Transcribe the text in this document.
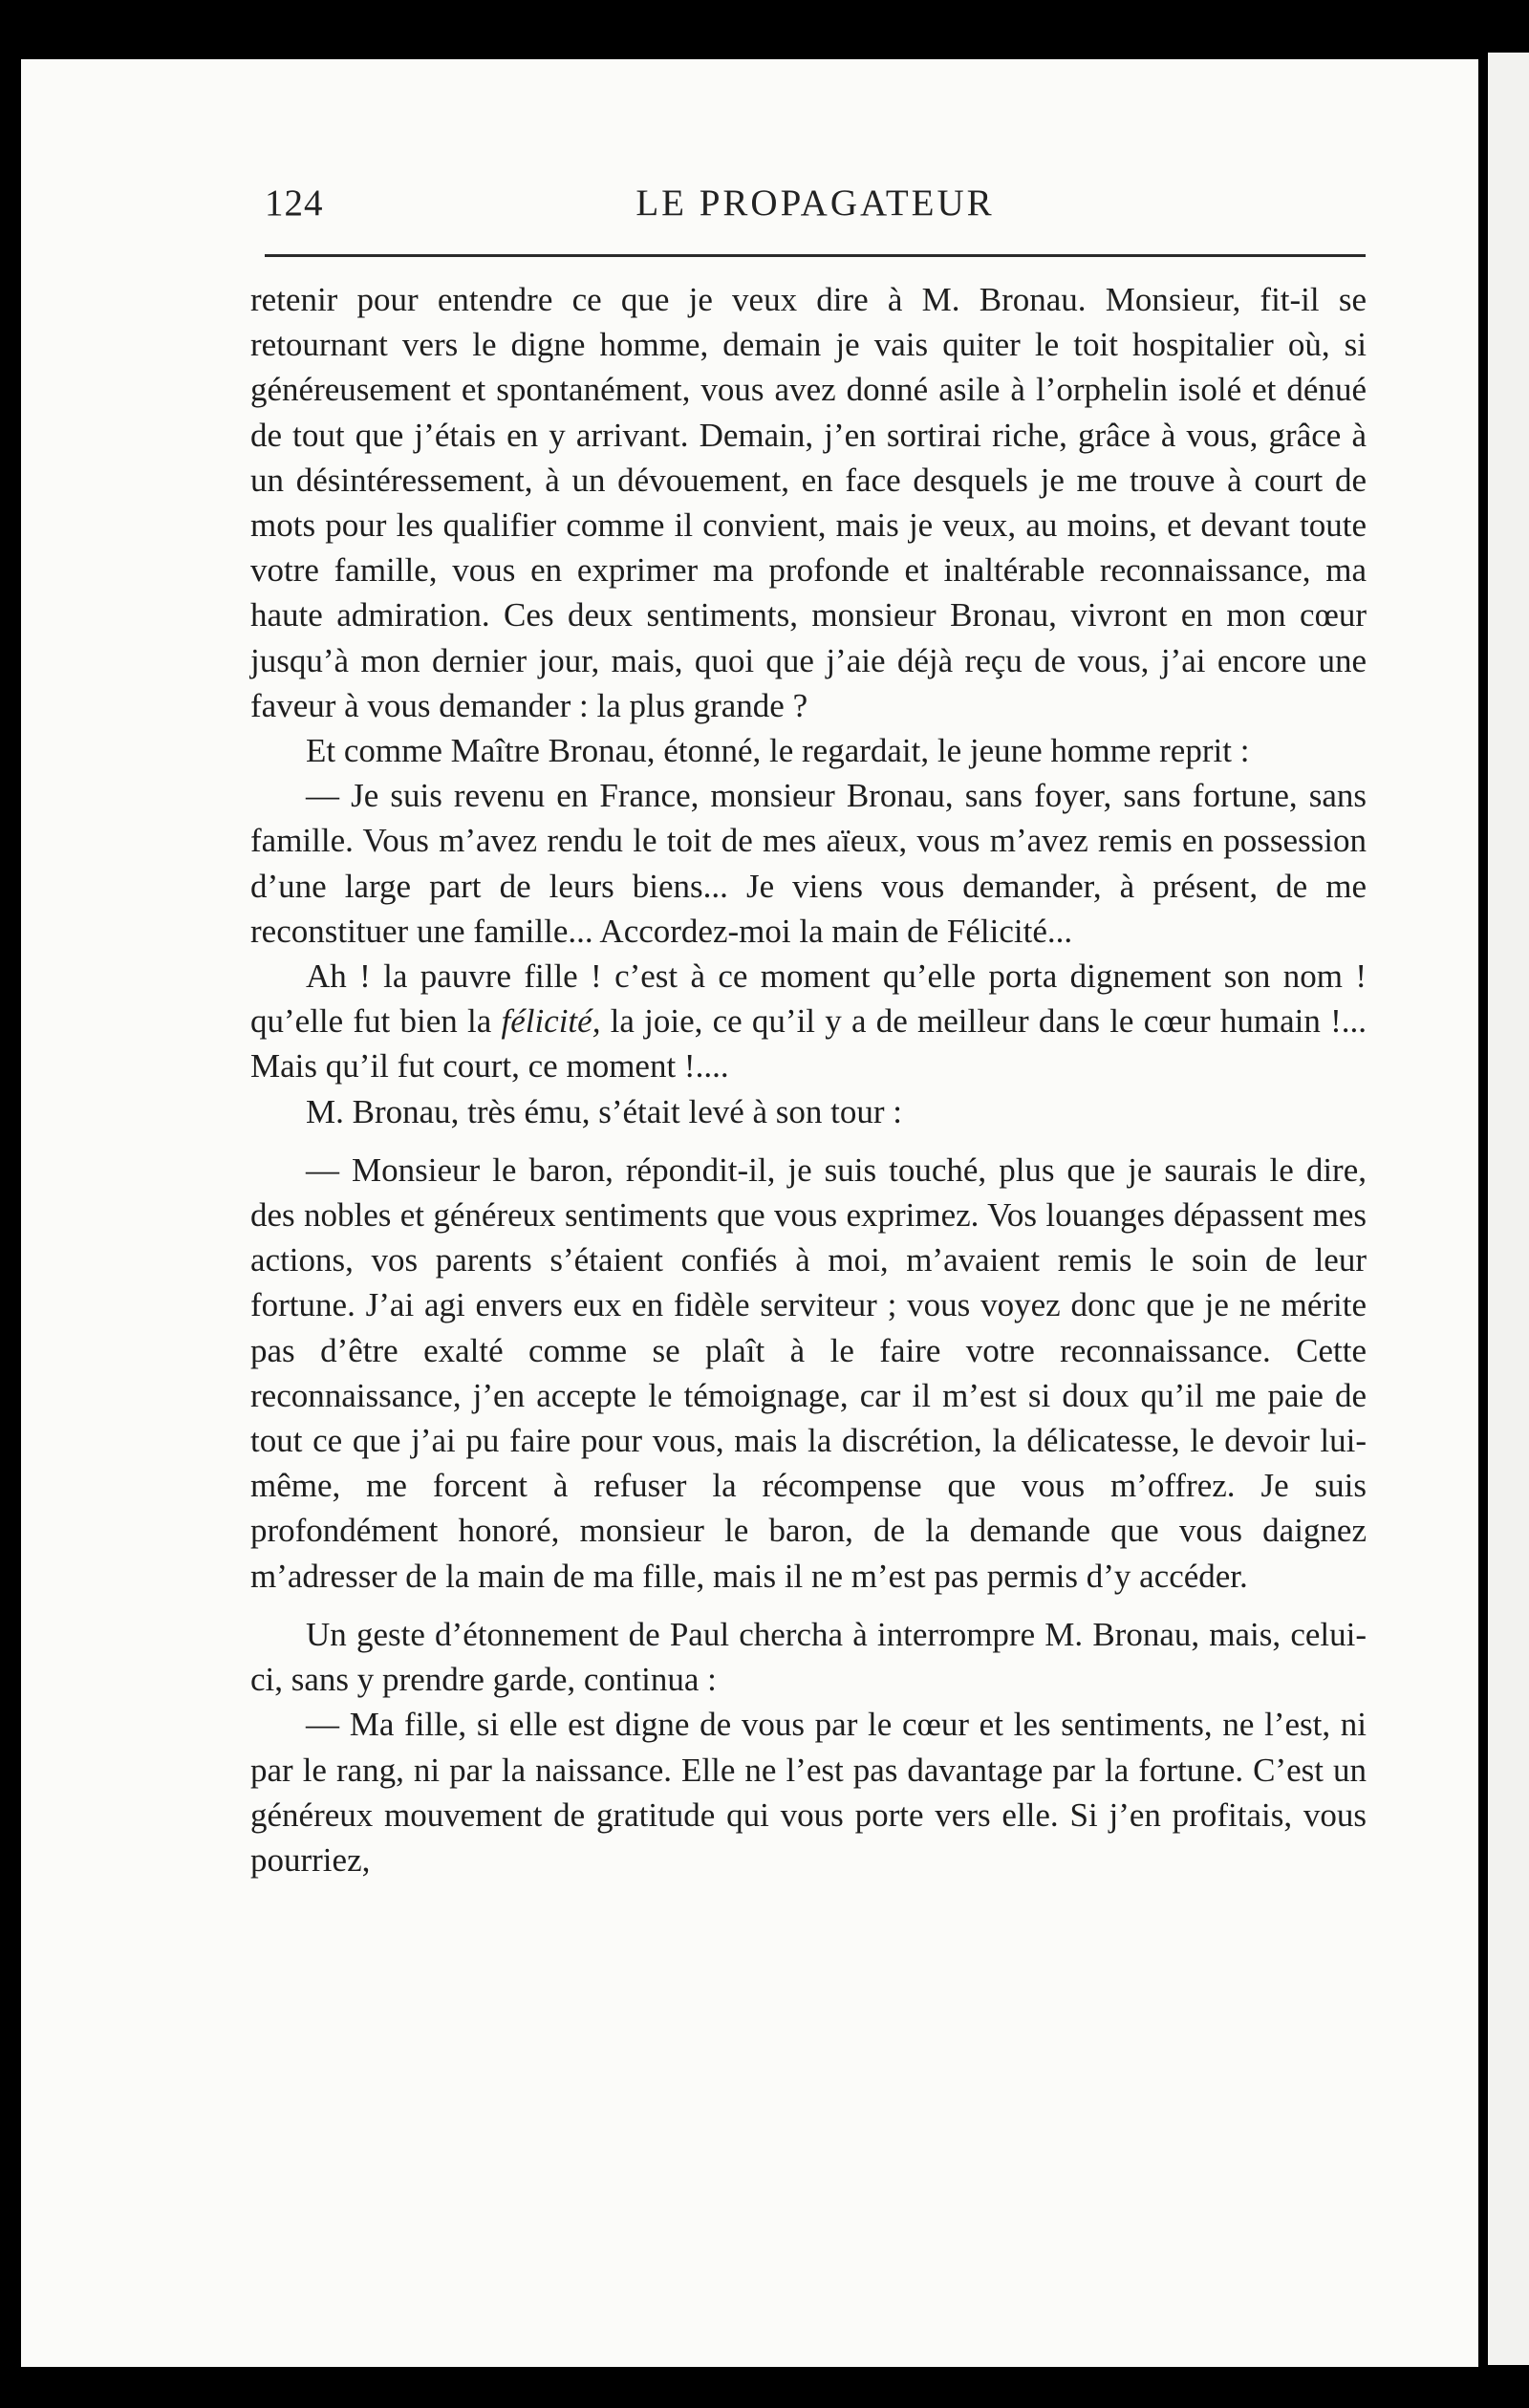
124	LE PROPAGATEUR

retenir pour entendre ce que je veux dire à M. Bronau. Monsieur, fit-il se retournant vers le digne homme, demain je vais quiter le toit hospitalier où, si généreusement et spontanément, vous avez donné asile à l’orphelin isolé et dénué de tout que j’étais en y arrivant. Demain, j’en sortirai riche, grâce à vous, grâce à un désintéressement, à un dévouement, en face desquels je me trouve à court de mots pour les qualifier comme il convient, mais je veux, au moins, et devant toute votre famille, vous en exprimer ma profonde et inaltérable reconnaissance, ma haute admiration. Ces deux sentiments, monsieur Bronau, vivront en mon cœur jusqu’à mon dernier jour, mais, quoi que j’aie déjà reçu de vous, j’ai encore une faveur à vous demander : la plus grande ?

Et comme Maître Bronau, étonné, le regardait, le jeune homme reprit :

— Je suis revenu en France, monsieur Bronau, sans foyer, sans fortune, sans famille. Vous m’avez rendu le toit de mes aïeux, vous m’avez remis en possession d’une large part de leurs biens... Je viens vous demander, à présent, de me reconstituer une famille... Accordez-moi la main de Félicité...

Ah ! la pauvre fille ! c’est à ce moment qu’elle porta dignement son nom ! qu’elle fut bien la félicité, la joie, ce qu’il y a de meilleur dans le cœur humain !... Mais qu’il fut court, ce moment !....

M. Bronau, très ému, s’était levé à son tour :

— Monsieur le baron, répondit-il, je suis touché, plus que je saurais le dire, des nobles et généreux sentiments que vous exprimez. Vos louanges dépassent mes actions, vos parents s’étaient confiés à moi, m’avaient remis le soin de leur fortune. J’ai agi envers eux en fidèle serviteur ; vous voyez donc que je ne mérite pas d’être exalté comme se plaît à le faire votre reconnaissance. Cette reconnaissance, j’en accepte le témoignage, car il m’est si doux qu’il me paie de tout ce que j’ai pu faire pour vous, mais la discrétion, la délicatesse, le devoir lui-même, me forcent à refuser la récompense que vous m’offrez. Je suis profondément honoré, monsieur le baron, de la demande que vous daignez m’adresser de la main de ma fille, mais il ne m’est pas permis d’y accéder.

Un geste d’étonnement de Paul chercha à interrompre M. Bronau, mais, celui-ci, sans y prendre garde, continua :

— Ma fille, si elle est digne de vous par le cœur et les sentiments, ne l’est, ni par le rang, ni par la naissance. Elle ne l’est pas davantage par la fortune. C’est un généreux mouvement de gratitude qui vous porte vers elle. Si j’en profitais, vous pourriez,
